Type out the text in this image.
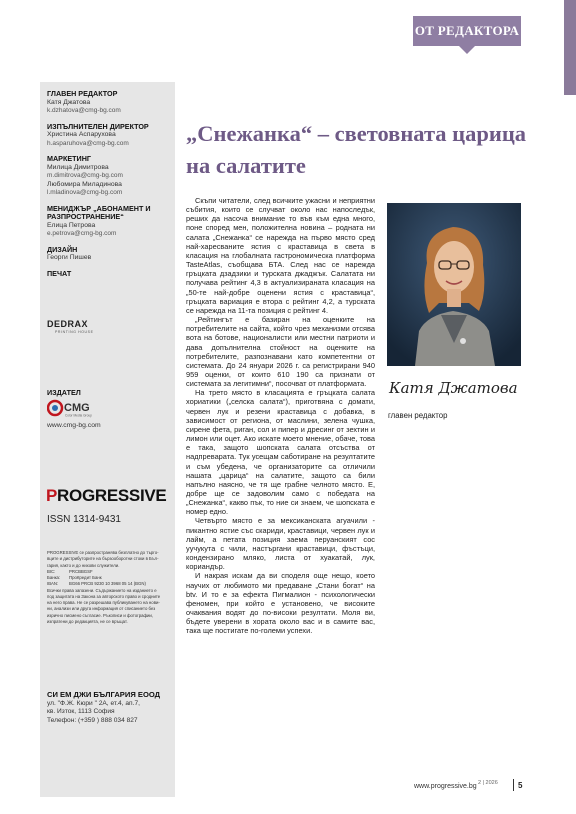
ОТ РЕДАКТОРА
ГЛАВЕН РЕДАКТОР
Катя Джатова
k.dzhatova@cmg-bg.com
ИЗПЪЛНИТЕЛЕН ДИРЕКТОР
Христина Аспарухова
h.asparuhova@cmg-bg.com
МАРКЕТИНГ
Милица Димитрова
m.dimitrova@cmg-bg.com
Любомира Миладинова
l.mladinova@cmg-bg.com
МЕНИДЖЪР „АБОНАМЕНТ И РАЗПРОСТРАНЕНИЕ“
Елица Петрова
e.petrova@cmg-bg.com
ДИЗАЙН
Георги Пишев
ПЕЧАТ
DEDRAX
PRINTING HOUSE
ИЗДАТЕЛ
CMG
Color Media Group
www.cmg-bg.com
PROGRESSIVE
ISSN 1314-9431
PROGRESSIVE се разпространява безплатно до търго-
вците и дистрибуторите на бързооборотни стоки в Бъл-
гария, както и до нихови служители.
BIC:	PRCBBGSF
Банка:	ПроКредит Банк
IBAN:	BG66 PRCB 9230 10 3968 05 14 (BGN)
Всички права запазени. Съдържанието на изданието е
под защитата на Закона за авторското право и сродните
на него права. Не се разрешава публикуването на нови-
ни, анализи или друга информация от списанието без
изрично писмено съгласие. Ръкописи и фотографии,
изпратени до редакцията, не се връщат.
СИ ЕМ ДЖИ БЪЛГАРИЯ ЕООД
ул. "Ф.Ж. Кюри " 2А, ет.4, ап.7,
кв. Изток, 1113 София
Телефон: (+359 ) 888 034 827
„Снежанка“ – световната царица на салатите

Скъпи читатели, след всичките ужасни и неприятни събития, които се случват около нас напоследък, реших да насоча внимание то във към една много, поне според мен, положителна новина – родната ни салата „Снежанка“ се нарежда на първо място сред най-харесваните ястия с краставица в света в класация на глобалната гастрономическа платформа TasteAtlas, съобщава БТА. След нас се нарежда гръцката дзадзики и турската джаджък. Салатата ни получава рейтинг 4,3 в актуализираната класация на „50-те най-добре оценени ястия с краставица“, гръцката вариация е втора с рейтинг 4,2, а турската се нарежда на 11-та позиция с рейтинг 4.

„Рейтингът е базиран на оценките на потребителите на сайта, който чрез механизми отсява вота на ботове, националисти или местни патриоти и дава допълнителна стойност на оценките на потребителите, разпознавани като компетентни от системата. До 24 януари 2026 г. са регистрирани 940 959 оценки, от които 610 190 са признати от системата за легитимни“, посочват от платформата.

На трето място в класацията е гръцката салата хориатики („селска салата“), приготвяна с домати, червен лук и резени краставица с добавка, в зависимост от региона, от маслини, зелена чушка, сирене фета, риган, сол и пипер и дресинг от зехтин и лимон или оцет. Ако искате моето мнение, обаче, това е така, защото шопската салата отсъства от надпреварата. Тук усещам саботиране на резултатите и съм убедена, че организаторите са отличили нашата „царица“ на салатите, защото са били напълно наясно, че тя ще грабне челното място. Е, добре ще се задоволим само с победата на „Снежанка“, какво пък, то ние си знаем, че шопската е номер едно.

Четвърто място е за мексиканската агуачили - пикантно ястие със скариди, краставици, червен лук и лайм, а петата позиция заема перуанският сос уучукута с чили, настъргани краставици, фъстъци, кондензирано мляко, листа от хуакатай, лук, кориандър.

И накрая искам да ви споделя още нещо, което научих от любимото ми предаване „Стани богат“ на btv. И то е за ефекта Пигмалион - психологически феномен, при който е установено, че високите очаквания водят до по-високи резултати. Моля ви, бъдете уверени в хората около вас и в самите вас, така ще постигате по-големи успехи.

Катя Джатова
главен редактор
www.progressive.bg 2 | 2026	5
